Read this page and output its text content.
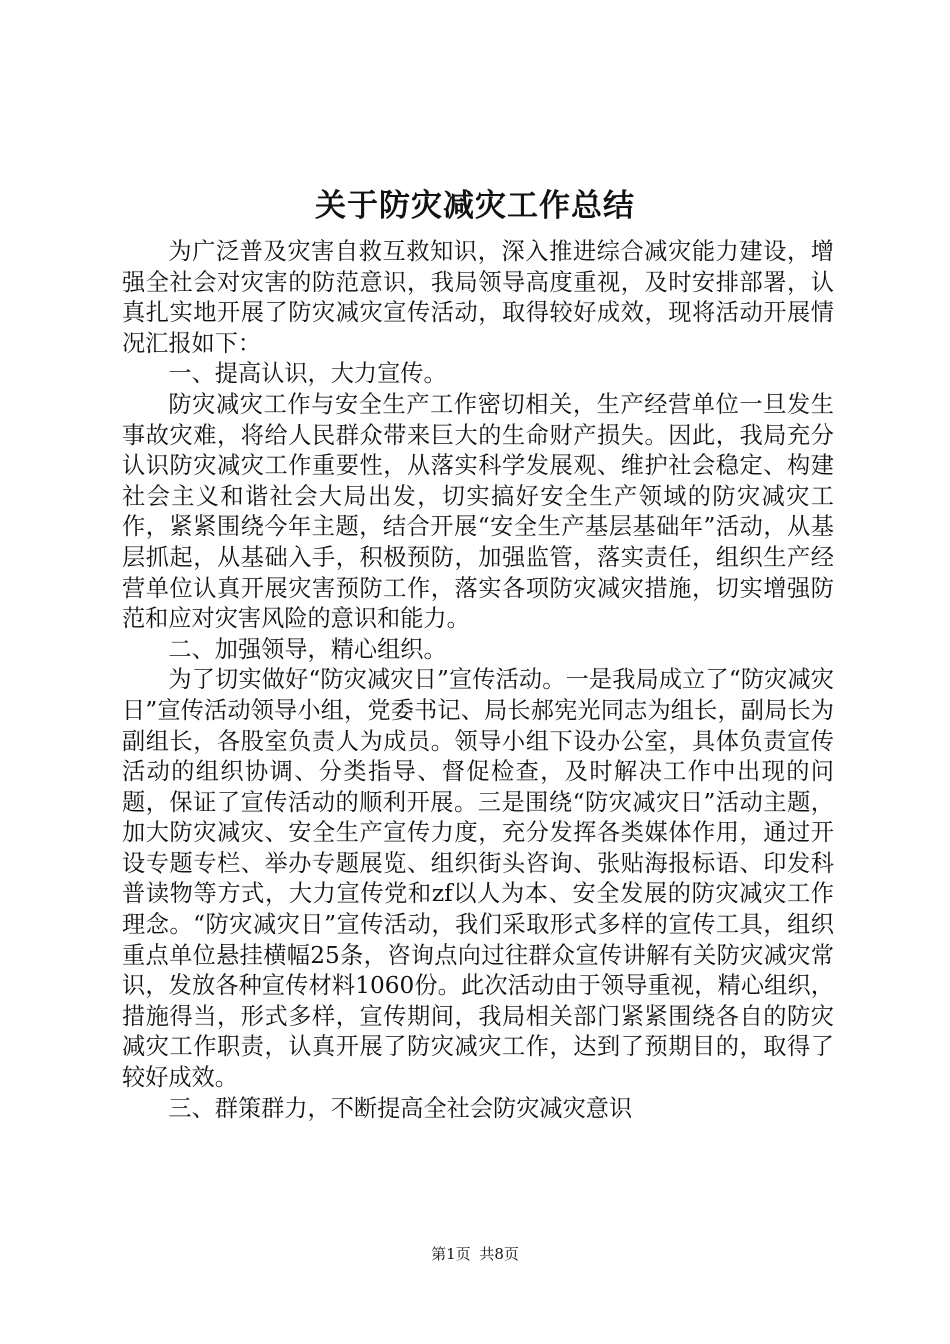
关于防灾减灾工作总结

为广泛普及灾害自救互救知识，深入推进综合减灾能力建设，增强全社会对灾害的防范意识，我局领导高度重视，及时安排部署，认真扎实地开展了防灾减灾宣传活动，取得较好成效，现将活动开展情况汇报如下：

一、提高认识，大力宣传。

防灾减灾工作与安全生产工作密切相关，生产经营单位一旦发生事故灾难，将给人民群众带来巨大的生命财产损失。因此，我局充分认识防灾减灾工作重要性，从落实科学发展观、维护社会稳定、构建社会主义和谐社会大局出发，切实搞好安全生产领域的防灾减灾工作，紧紧围绕今年主题，结合开展“安全生产基层基础年”活动，从基层抓起，从基础入手，积极预防，加强监管，落实责任，组织生产经营单位认真开展灾害预防工作，落实各项防灾减灾措施，切实增强防范和应对灾害风险的意识和能力。

二、加强领导，精心组织。

为了切实做好“防灾减灾日”宣传活动。一是我局成立了“防灾减灾日”宣传活动领导小组，党委书记、局长郝宪光同志为组长，副局长为副组长，各股室负责人为成员。领导小组下设办公室，具体负责宣传活动的组织协调、分类指导、督促检查，及时解决工作中出现的问题，保证了宣传活动的顺利开展。三是围绕“防灾减灾日”活动主题，加大防灾减灾、安全生产宣传力度，充分发挥各类媒体作用，通过开设专题专栏、举办专题展览、组织街头咨询、张贴海报标语、印发科普读物等方式，大力宣传党和zf以人为本、安全发展的防灾减灾工作理念。“防灾减灾日”宣传活动，我们采取形式多样的宣传工具，组织重点单位悬挂横幅25条，咨询点向过往群众宣传讲解有关防灾减灾常识，发放各种宣传材料1060份。此次活动由于领导重视，精心组织，措施得当，形式多样，宣传期间，我局相关部门紧紧围绕各自的防灾减灾工作职责，认真开展了防灾减灾工作，达到了预期目的，取得了较好成效。

三、群策群力，不断提高全社会防灾减灾意识

第1页 共8页
